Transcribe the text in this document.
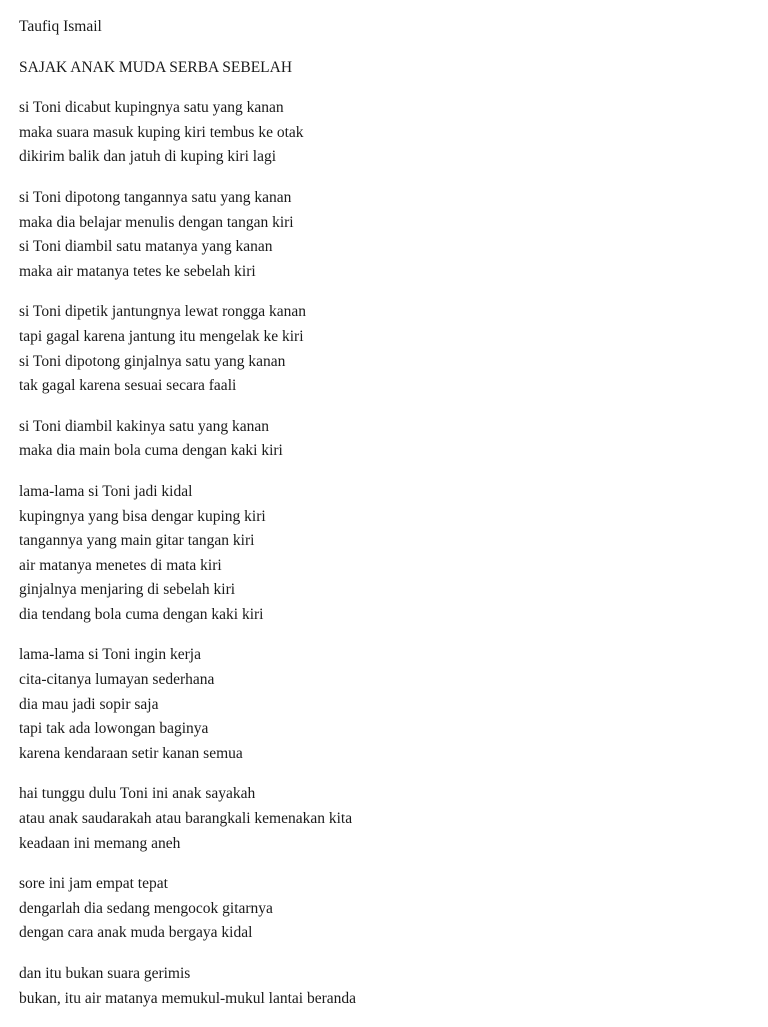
Taufiq Ismail
SAJAK ANAK MUDA SERBA SEBELAH
si Toni dicabut kupingnya satu yang kanan
maka suara masuk kuping kiri tembus ke otak
dikirim balik dan jatuh di kuping kiri lagi
si Toni dipotong tangannya satu yang kanan
maka dia belajar menulis dengan tangan kiri
si Toni diambil satu matanya yang kanan
maka air matanya tetes ke sebelah kiri
si Toni dipetik jantungnya lewat rongga kanan
tapi gagal karena jantung itu mengelak ke kiri
si Toni dipotong ginjalnya satu yang kanan
tak gagal karena sesuai secara faali
si Toni diambil kakinya satu yang kanan
maka dia main bola cuma dengan kaki kiri
lama-lama si Toni jadi kidal
kupingnya yang bisa dengar kuping kiri
tangannya yang main gitar tangan kiri
air matanya menetes di mata kiri
ginjalnya menjaring di sebelah kiri
dia tendang bola cuma dengan kaki kiri
lama-lama si Toni ingin kerja
cita-citanya lumayan sederhana
dia mau jadi sopir saja
tapi tak ada lowongan baginya
karena kendaraan setir kanan semua
hai tunggu dulu Toni ini anak sayakah
atau anak saudarakah atau barangkali kemenakan kita
keadaan ini memang aneh
sore ini jam empat tepat
dengarlah dia sedang mengocok gitarnya
dengan cara anak muda bergaya kidal
dan itu bukan suara gerimis
bukan, itu air matanya memukul-mukul lantai beranda
